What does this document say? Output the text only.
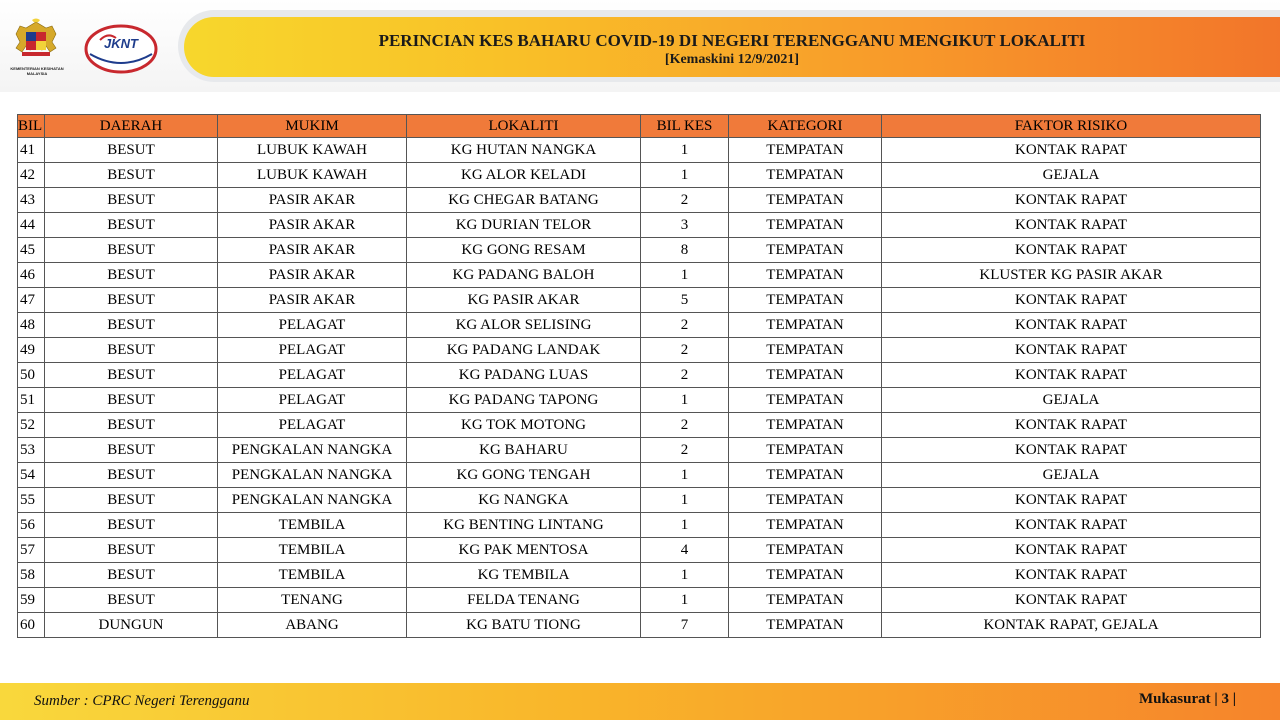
KEMENTERIAN KESIHATAN MALAYSIA
JKNT	PERINCIAN KES BAHARU COVID-19 DI NEGERI TERENGGANU MENGIKUT LOKALITI
[Kemaskini 12/9/2021]
BIL	DAERAH	MUKIM	LOKALITI	BIL KES	KATEGORI	FAKTOR RISIKO
41	BESUT	LUBUK KAWAH	KG HUTAN NANGKA	1	TEMPATAN	KONTAK RAPAT
42	BESUT	LUBUK KAWAH	KG ALOR KELADI	1	TEMPATAN	GEJALA
43	BESUT	PASIR AKAR	KG CHEGAR BATANG	2	TEMPATAN	KONTAK RAPAT
44	BESUT	PASIR AKAR	KG DURIAN TELOR	3	TEMPATAN	KONTAK RAPAT
45	BESUT	PASIR AKAR	KG GONG RESAM	8	TEMPATAN	KONTAK RAPAT
46	BESUT	PASIR AKAR	KG PADANG BALOH	1	TEMPATAN	KLUSTER KG PASIR AKAR
47	BESUT	PASIR AKAR	KG PASIR AKAR	5	TEMPATAN	KONTAK RAPAT
48	BESUT	PELAGAT	KG ALOR SELISING	2	TEMPATAN	KONTAK RAPAT
49	BESUT	PELAGAT	KG PADANG LANDAK	2	TEMPATAN	KONTAK RAPAT
50	BESUT	PELAGAT	KG PADANG LUAS	2	TEMPATAN	KONTAK RAPAT
51	BESUT	PELAGAT	KG PADANG TAPONG	1	TEMPATAN	GEJALA
52	BESUT	PELAGAT	KG TOK MOTONG	2	TEMPATAN	KONTAK RAPAT
53	BESUT	PENGKALAN NANGKA	KG BAHARU	2	TEMPATAN	KONTAK RAPAT
54	BESUT	PENGKALAN NANGKA	KG GONG TENGAH	1	TEMPATAN	GEJALA
55	BESUT	PENGKALAN NANGKA	KG NANGKA	1	TEMPATAN	KONTAK RAPAT
56	BESUT	TEMBILA	KG BENTING LINTANG	1	TEMPATAN	KONTAK RAPAT
57	BESUT	TEMBILA	KG PAK MENTOSA	4	TEMPATAN	KONTAK RAPAT
58	BESUT	TEMBILA	KG TEMBILA	1	TEMPATAN	KONTAK RAPAT
59	BESUT	TENANG	FELDA TENANG	1	TEMPATAN	KONTAK RAPAT
60	DUNGUN	ABANG	KG BATU TIONG	7	TEMPATAN	KONTAK RAPAT, GEJALA
Sumber : CPRC Negeri Terengganu	Mukasurat | 3 |
